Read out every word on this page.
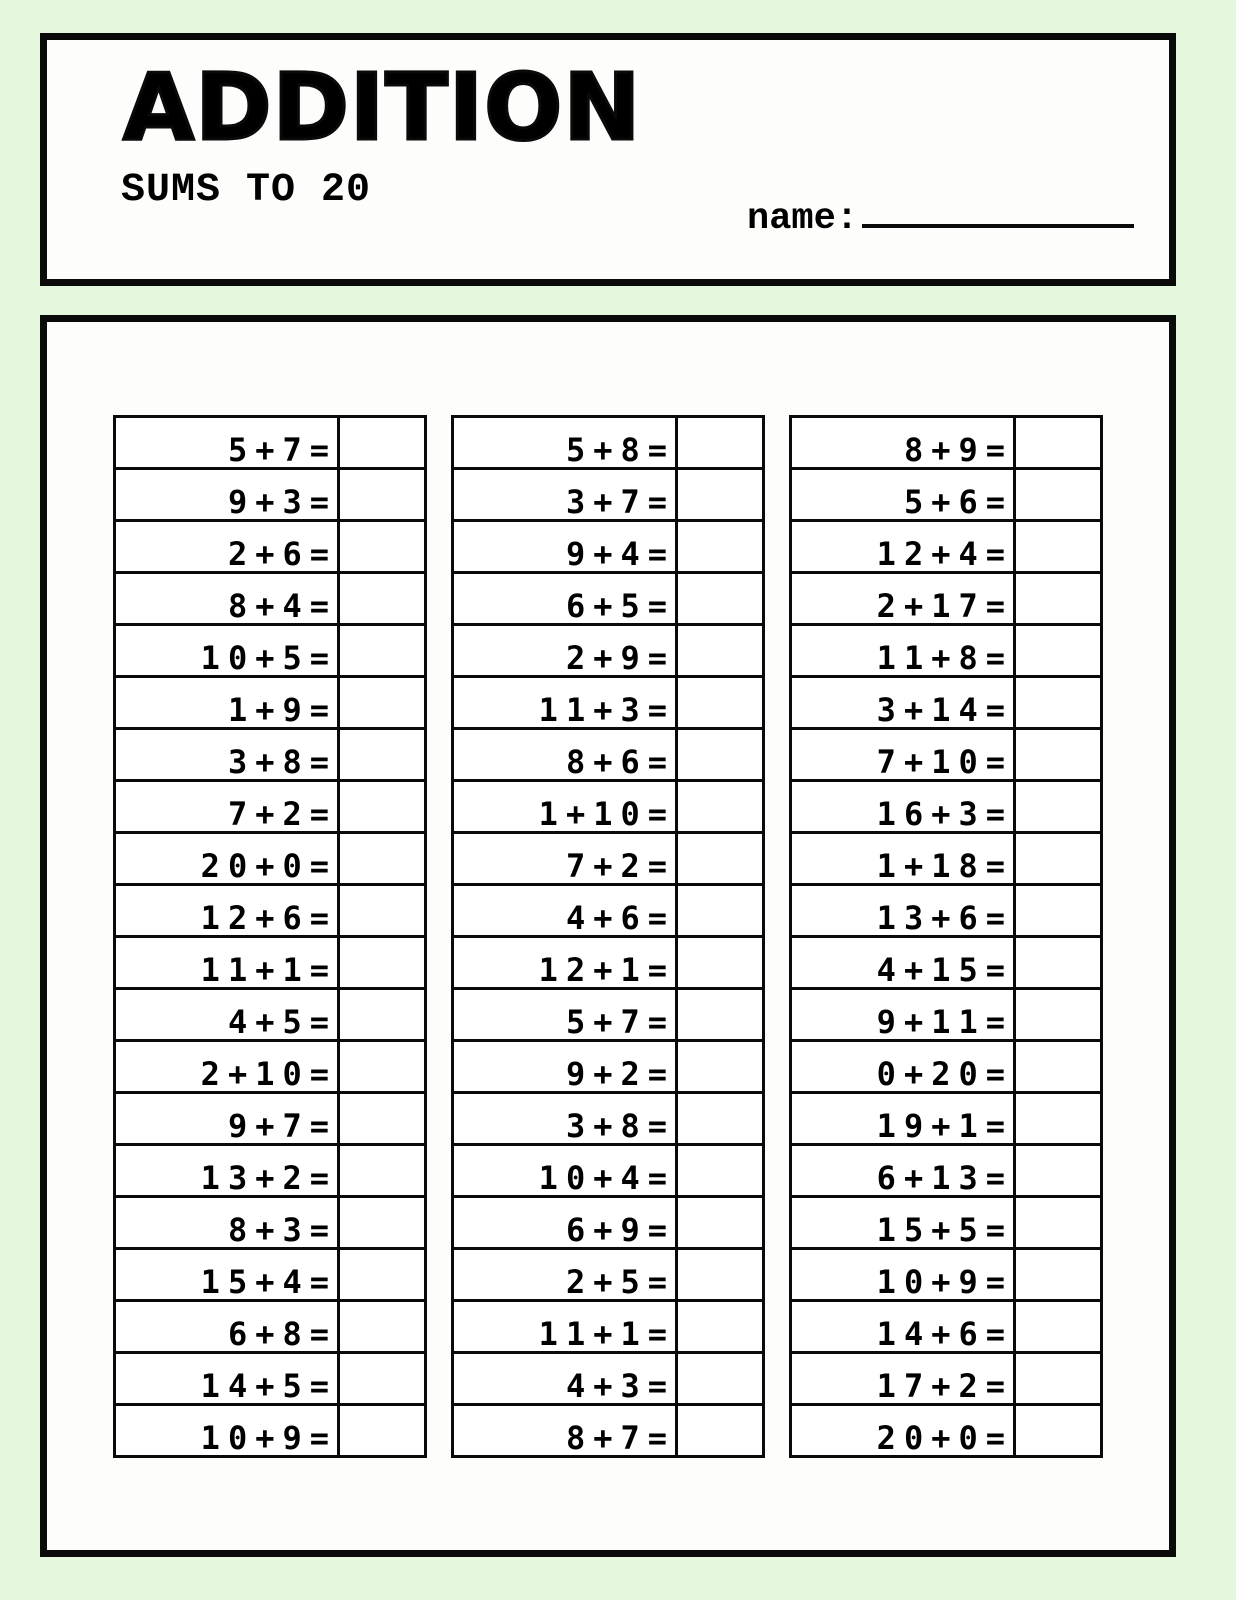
ADDITION
SUMS TO 20
name:
5+7=	
9+3=	
2+6=	
8+4=	
10+5=	
1+9=	
3+8=	
7+2=	
20+0=	
12+6=	
11+1=	
4+5=	
2+10=	
9+7=	
13+2=	
8+3=	
15+4=	
6+8=	
14+5=	
10+9=	
5+8=	
3+7=	
9+4=	
6+5=	
2+9=	
11+3=	
8+6=	
1+10=	
7+2=	
4+6=	
12+1=	
5+7=	
9+2=	
3+8=	
10+4=	
6+9=	
2+5=	
11+1=	
4+3=	
8+7=	
8+9=	
5+6=	
12+4=	
2+17=	
11+8=	
3+14=	
7+10=	
16+3=	
1+18=	
13+6=	
4+15=	
9+11=	
0+20=	
19+1=	
6+13=	
15+5=	
10+9=	
14+6=	
17+2=	
20+0=	
